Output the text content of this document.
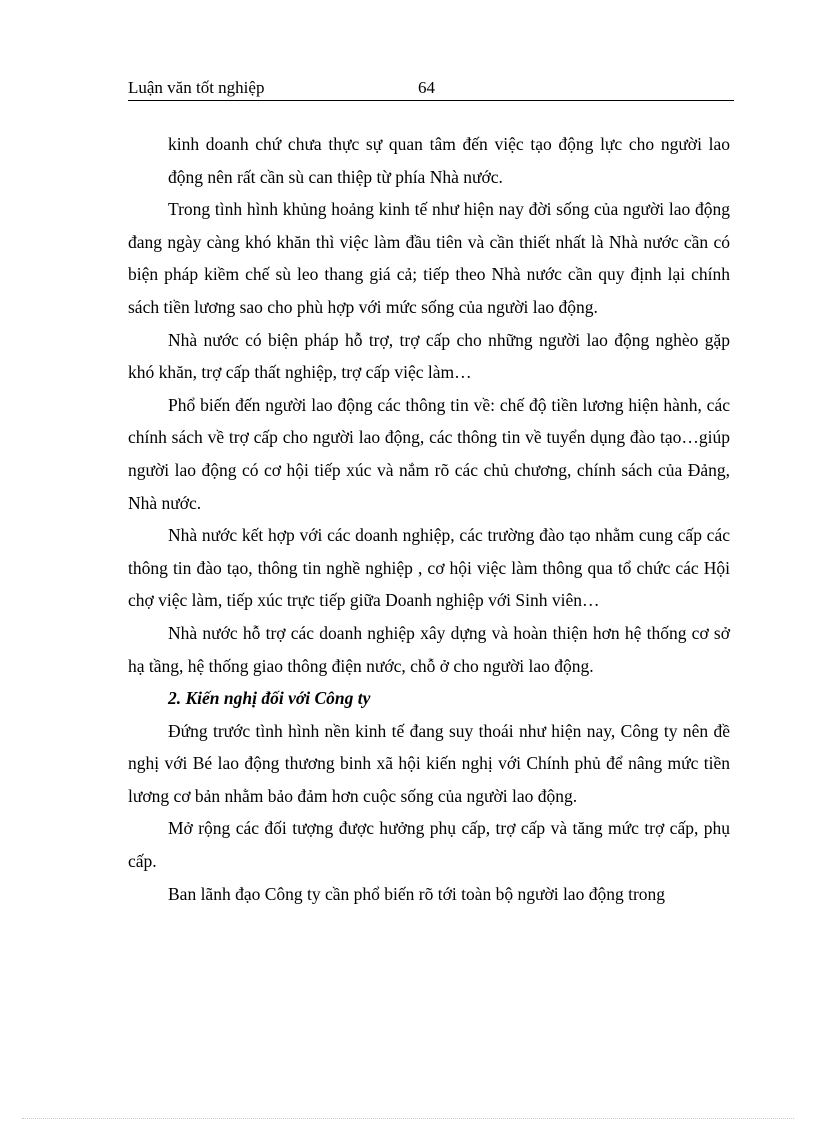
Luận văn tốt nghiệp	64

kinh doanh chứ chưa thực sự quan tâm đến việc tạo động lực cho người lao động nên rất cần sù can thiệp từ phía Nhà nước.

Trong tình hình khủng hoảng kinh tế như hiện nay đời sống của người lao động đang ngày càng khó khăn thì việc làm đầu tiên và cần thiết nhất là Nhà nước cần có biện pháp kiềm chế sù leo thang giá cả; tiếp theo Nhà nước cần quy định lại chính sách tiền lương sao cho phù hợp với mức sống của người lao động.

Nhà nước có biện pháp hỗ trợ, trợ cấp cho những người lao động nghèo gặp khó khăn, trợ cấp thất nghiệp, trợ cấp việc làm…

Phổ biến đến người lao động các thông tin về: chế độ tiền lương hiện hành, các chính sách về trợ cấp cho người lao động, các thông tin về tuyển dụng đào tạo…giúp người lao động có cơ hội tiếp xúc và nắm rõ các chủ chương, chính sách của Đảng, Nhà nước.

Nhà nước kết hợp với các doanh nghiệp, các trường đào tạo nhằm cung cấp các thông tin đào tạo, thông tin nghề nghiệp , cơ hội việc làm thông qua tổ chức các Hội chợ việc làm, tiếp xúc trực tiếp giữa Doanh nghiệp với Sinh viên…

Nhà nước hỗ trợ các doanh nghiệp xây dựng và hoàn thiện hơn hệ thống cơ sở hạ tầng, hệ thống giao thông điện nước, chỗ ở cho người lao động.

2. Kiến nghị đối với Công ty

Đứng trước tình hình nền kinh tế đang suy thoái như hiện nay, Công ty nên đề nghị với Bé lao động thương binh xã hội kiến nghị với Chính phủ để nâng mức tiền lương cơ bản nhằm bảo đảm hơn cuộc sống của người lao động.

Mở rộng các đối tượng được hưởng phụ cấp, trợ cấp và tăng mức trợ cấp, phụ cấp.

Ban lãnh đạo Công ty cần phổ biến rõ tới toàn bộ người lao động trong
